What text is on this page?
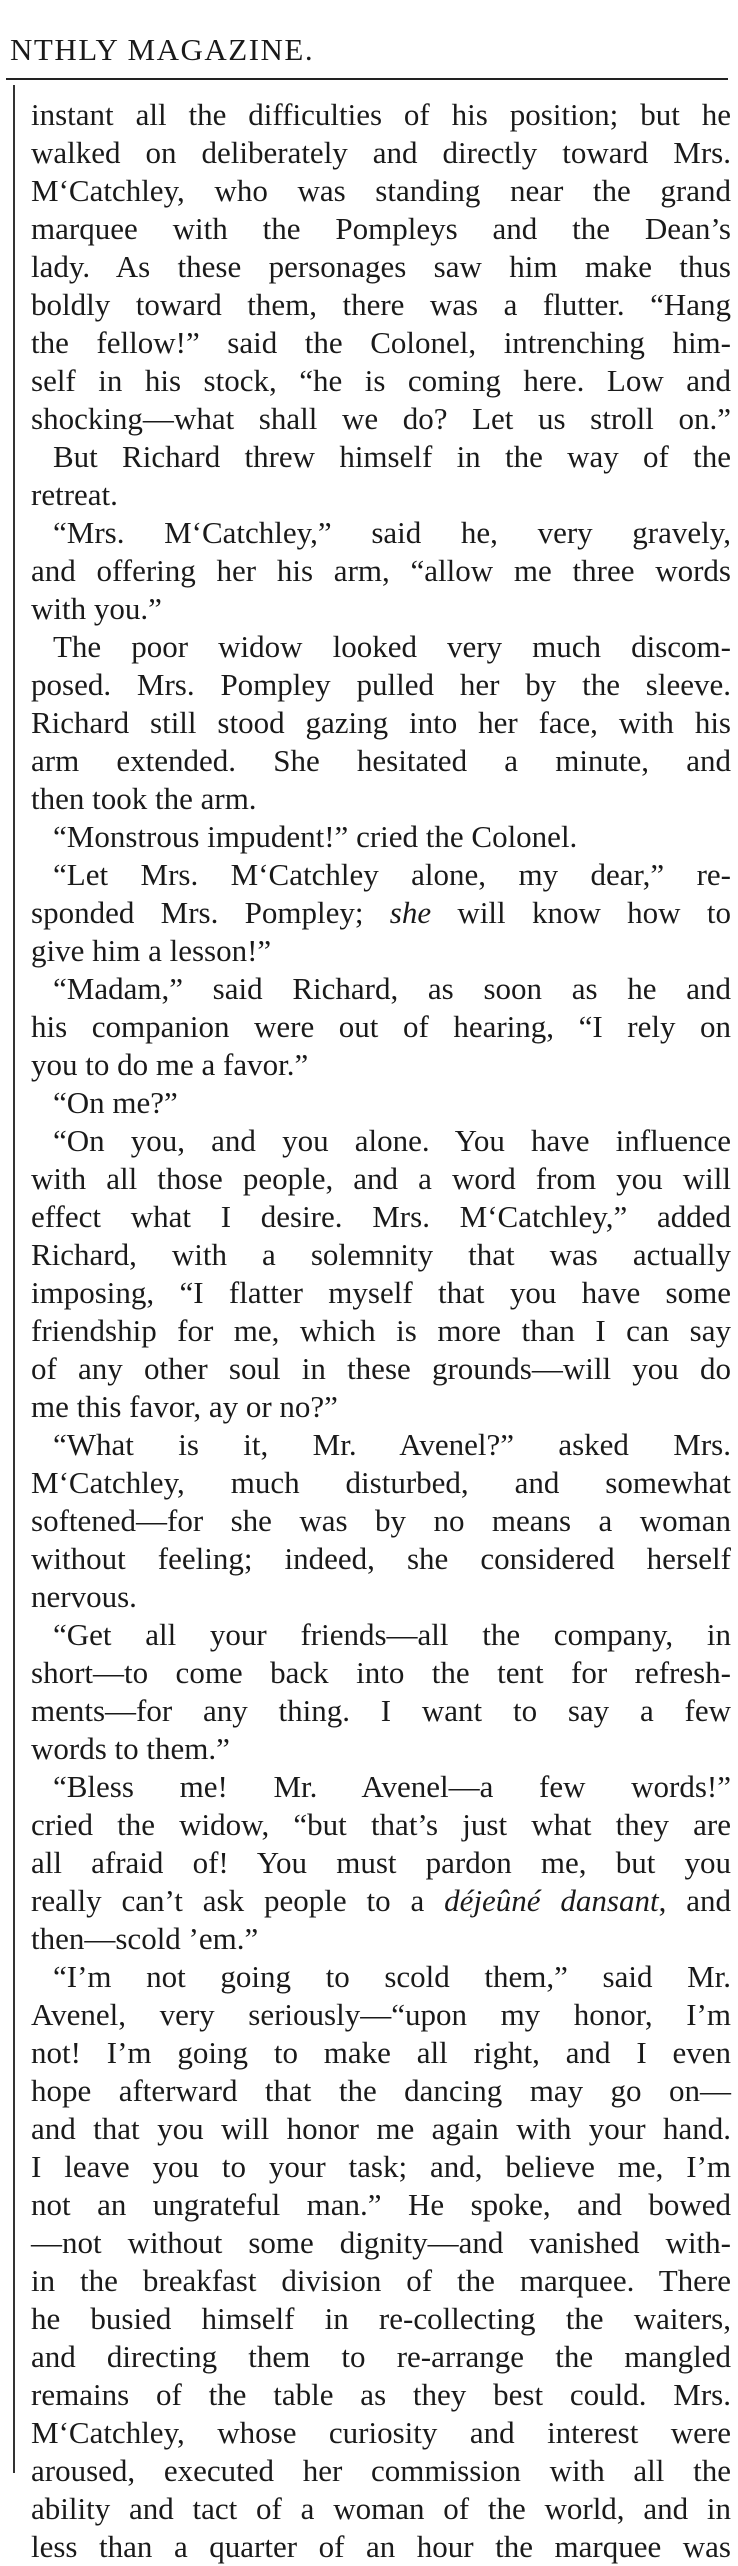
NTHLY MAGAZINE.
instant all the difficulties of his position; but he
walked on deliberately and directly toward Mrs.
M‘Catchley, who was standing near the grand
marquee with the Pompleys and the Dean’s
lady. As these personages saw him make thus
boldly toward them, there was a flutter. “Hang
the fellow!” said the Colonel, intrenching him-
self in his stock, “he is coming here. Low and
shocking—what shall we do? Let us stroll on.”
But Richard threw himself in the way of the
retreat.
“Mrs. M‘Catchley,” said he, very gravely,
and offering her his arm, “allow me three words
with you.”
The poor widow looked very much discom-
posed. Mrs. Pompley pulled her by the sleeve.
Richard still stood gazing into her face, with his
arm extended. She hesitated a minute, and
then took the arm.
“Monstrous impudent!” cried the Colonel.
“Let Mrs. M‘Catchley alone, my dear,” re-
sponded Mrs. Pompley; she will know how to
give him a lesson!”
“Madam,” said Richard, as soon as he and
his companion were out of hearing, “I rely on
you to do me a favor.”
“On me?”
“On you, and you alone. You have influence
with all those people, and a word from you will
effect what I desire. Mrs. M‘Catchley,” added
Richard, with a solemnity that was actually
imposing, “I flatter myself that you have some
friendship for me, which is more than I can say
of any other soul in these grounds—will you do
me this favor, ay or no?”
“What is it, Mr. Avenel?” asked Mrs.
M‘Catchley, much disturbed, and somewhat
softened—for she was by no means a woman
without feeling; indeed, she considered herself
nervous.
“Get all your friends—all the company, in
short—to come back into the tent for refresh-
ments—for any thing. I want to say a few
words to them.”
“Bless me! Mr. Avenel—a few words!”
cried the widow, “but that’s just what they are
all afraid of! You must pardon me, but you
really can’t ask people to a déjeûné dansant, and
then—scold ’em.”
“I’m not going to scold them,” said Mr.
Avenel, very seriously—“upon my honor, I’m
not! I’m going to make all right, and I even
hope afterward that the dancing may go on—
and that you will honor me again with your hand.
I leave you to your task; and, believe me, I’m
not an ungrateful man.” He spoke, and bowed
—not without some dignity—and vanished with-
in the breakfast division of the marquee. There
he busied himself in re-collecting the waiters,
and directing them to re-arrange the mangled
remains of the table as they best could. Mrs.
M‘Catchley, whose curiosity and interest were
aroused, executed her commission with all the
ability and tact of a woman of the world, and in
less than a quarter of an hour the marquee was
